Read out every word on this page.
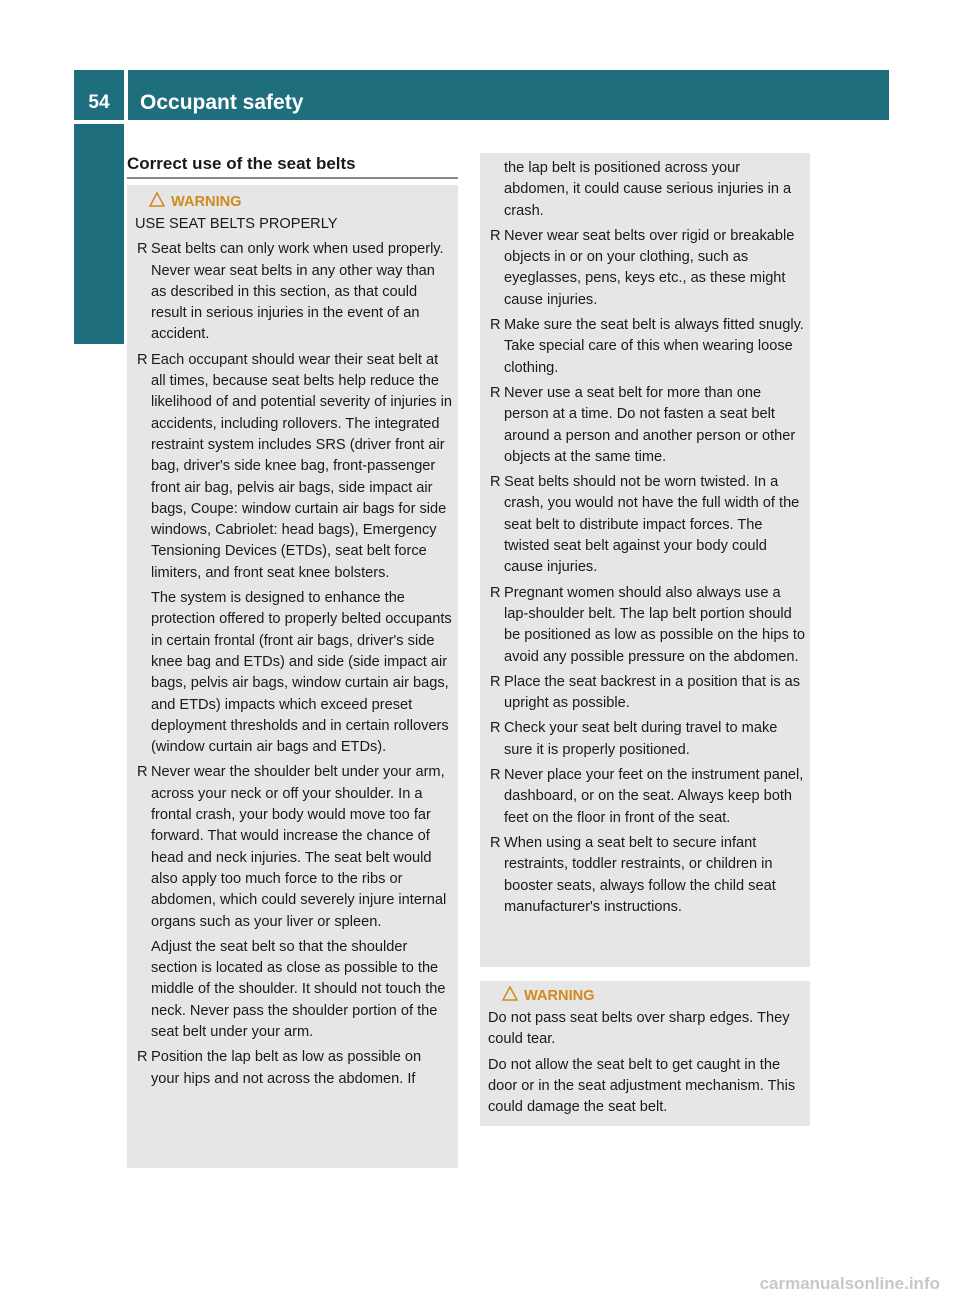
54	Occupant safety
Safety
Correct use of the seat belts
WARNING

USE SEAT BELTS PROPERLY

R Seat belts can only work when used properly. Never wear seat belts in any other way than as described in this section, as that could result in serious injuries in the event of an accident.
R Each occupant should wear their seat belt at all times, because seat belts help reduce the likelihood of and potential severity of injuries in accidents, including rollovers. The integrated restraint system includes SRS (driver front air bag, driver's side knee bag, front-passenger front air bag, pelvis air bags, side impact air bags, Coupe: window curtain air bags for side windows, Cabriolet: head bags), Emergency Tensioning Devices (ETDs), seat belt force limiters, and front seat knee bolsters.

The system is designed to enhance the protection offered to properly belted occupants in certain frontal (front air bags, driver's side knee bag and ETDs) and side (side impact air bags, pelvis air bags, window curtain air bags, and ETDs) impacts which exceed preset deployment thresholds and in certain rollovers (window curtain air bags and ETDs).

R Never wear the shoulder belt under your arm, across your neck or off your shoulder. In a frontal crash, your body would move too far forward. That would increase the chance of head and neck injuries. The seat belt would also apply too much force to the ribs or abdomen, which could severely injure internal organs such as your liver or spleen.

Adjust the seat belt so that the shoulder section is located as close as possible to the middle of the shoulder. It should not touch the neck. Never pass the shoulder portion of the seat belt under your arm.

R Position the lap belt as low as possible on your hips and not across the abdomen. If

the lap belt is positioned across your abdomen, it could cause serious injuries in a crash.

R Never wear seat belts over rigid or breakable objects in or on your clothing, such as eyeglasses, pens, keys etc., as these might cause injuries.
R Make sure the seat belt is always fitted snugly. Take special care of this when wearing loose clothing.
R Never use a seat belt for more than one person at a time. Do not fasten a seat belt around a person and another person or other objects at the same time.
R Seat belts should not be worn twisted. In a crash, you would not have the full width of the seat belt to distribute impact forces. The twisted seat belt against your body could cause injuries.
R Pregnant women should also always use a lap-shoulder belt. The lap belt portion should be positioned as low as possible on the hips to avoid any possible pressure on the abdomen.
R Place the seat backrest in a position that is as upright as possible.
R Check your seat belt during travel to make sure it is properly positioned.
R Never place your feet on the instrument panel, dashboard, or on the seat. Always keep both feet on the floor in front of the seat.
R When using a seat belt to secure infant restraints, toddler restraints, or children in booster seats, always follow the child seat manufacturer's instructions.
WARNING

Do not pass seat belts over sharp edges. They could tear.

Do not allow the seat belt to get caught in the door or in the seat adjustment mechanism. This could damage the seat belt.

carmanualsonline.info
